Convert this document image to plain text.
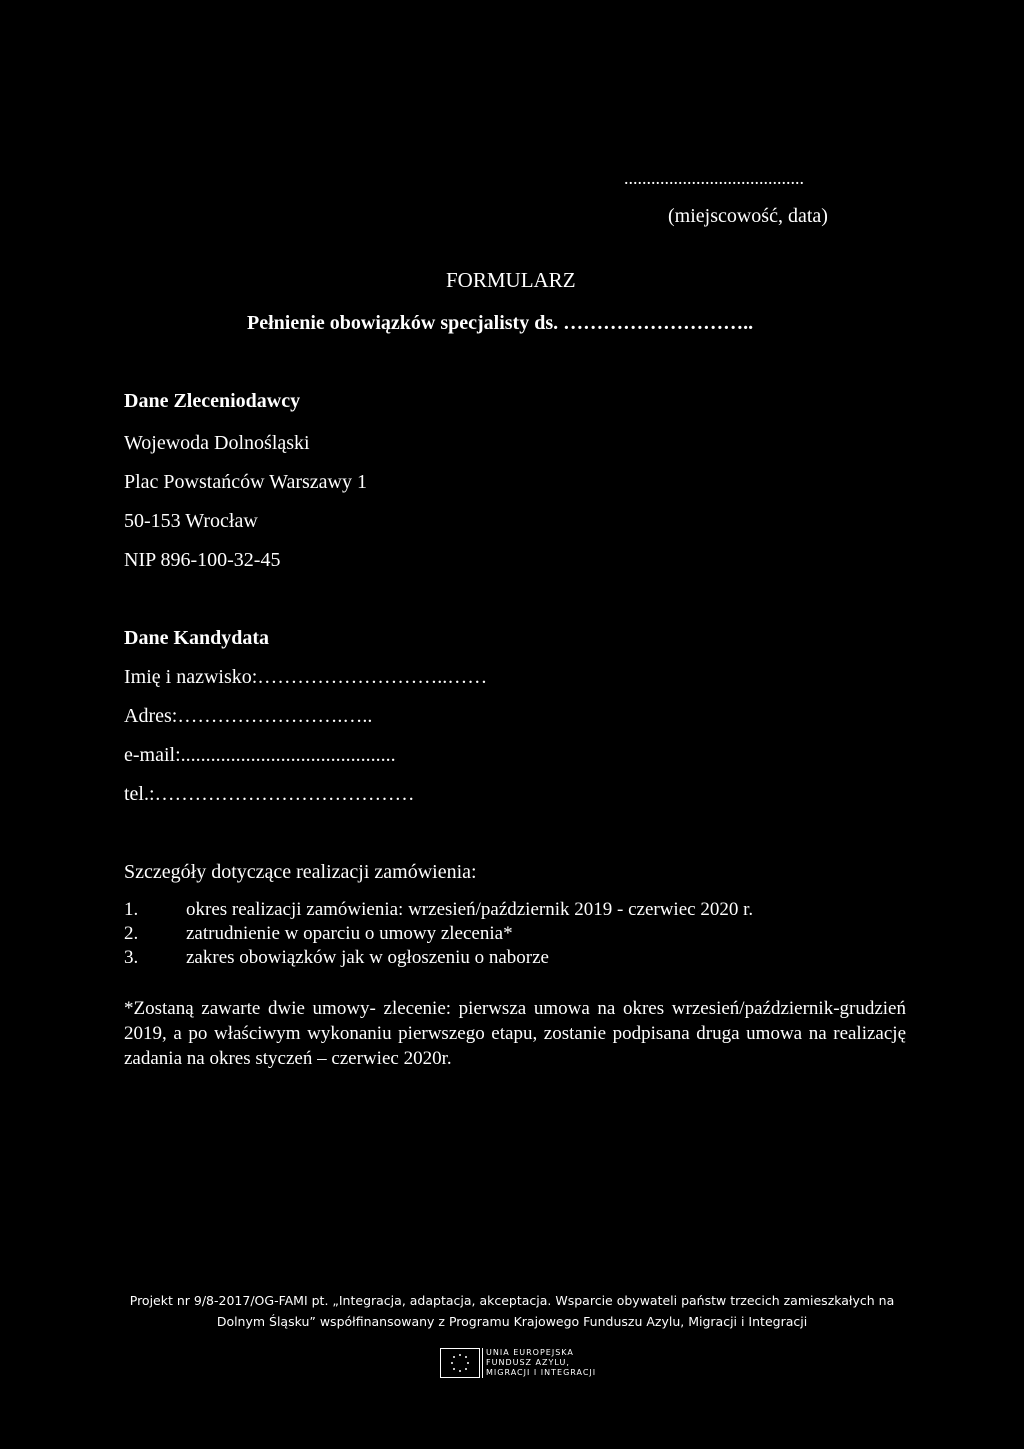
........................................
(miejscowość, data)
FORMULARZ
Pełnienie obowiązków specjalisty ds. ………………………..
Dane Zleceniodawcy
Wojewoda Dolnośląski
Plac Powstańców Warszawy 1
50-153 Wrocław
NIP 896-100-32-45
Dane Kandydata
Imię i nazwisko:………………………..……
Adres:…………………….…..
e-mail:...........................................
tel.:…………………………………
Szczegóły dotyczące realizacji zamówienia:
1.	okres realizacji zamówienia: wrzesień/październik 2019 - czerwiec 2020 r.
2.	zatrudnienie w oparciu o umowy zlecenia*
3.	zakres obowiązków jak w ogłoszeniu o naborze
*Zostaną zawarte dwie umowy- zlecenie: pierwsza umowa na okres wrzesień/październik-grudzień 2019, a po właściwym wykonaniu pierwszego etapu, zostanie podpisana druga umowa na realizację zadania na okres styczeń – czerwiec 2020r.
Projekt nr 9/8-2017/OG-FAMI pt. „Integracja, adaptacja, akceptacja. Wsparcie obywateli państw trzecich zamieszkałych na
Dolnym Śląsku” współfinansowany z Programu Krajowego Funduszu Azylu, Migracji i Integracji
UNIA EUROPEJSKA
FUNDUSZ AZYLU,
MIGRACJI I INTEGRACJI
